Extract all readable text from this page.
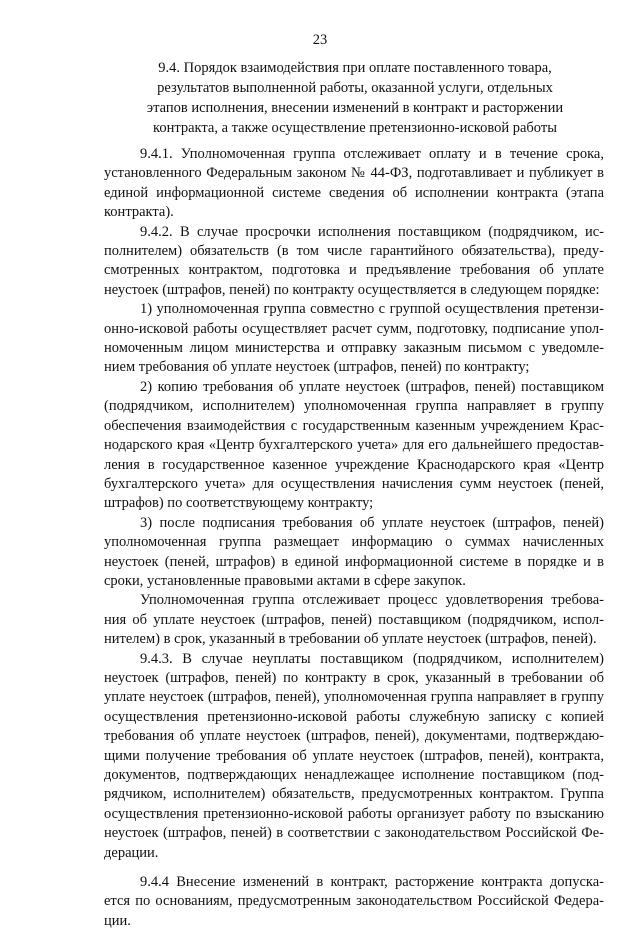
23
9.4. Порядок взаимодействия при оплате поставленного товара,
результатов выполненной работы, оказанной услуги, отдельных
этапов исполнения, внесении изменений в контракт и расторжении
контракта, а также осуществление претензионно-исковой работы

9.4.1. Уполномоченная группа отслеживает оплату и в течение срока,
установленного Федеральным законом № 44-ФЗ, подготавливает и публикует в
единой информационной системе сведения об исполнении контракта (этапа
контракта).

9.4.2. В случае просрочки исполнения поставщиком (подрядчиком, ис-
полнителем) обязательств (в том числе гарантийного обязательства), преду-
смотренных контрактом, подготовка и предъявление требования об уплате
неустоек (штрафов, пеней) по контракту осуществляется в следующем порядке:

1) уполномоченная группа совместно с группой осуществления претензи-
онно-исковой работы осуществляет расчет сумм, подготовку, подписание упол-
номоченным лицом министерства и отправку заказным письмом с уведомле-
нием требования об уплате неустоек (штрафов, пеней) по контракту;

2) копию требования об уплате неустоек (штрафов, пеней) поставщиком
(подрядчиком, исполнителем) уполномоченная группа направляет в группу
обеспечения взаимодействия с государственным казенным учреждением Крас-
нодарского края «Центр бухгалтерского учета» для его дальнейшего предостав-
ления в государственное казенное учреждение Краснодарского края «Центр
бухгалтерского учета» для осуществления начисления сумм неустоек (пеней,
штрафов) по соответствующему контракту;

3) после подписания требования об уплате неустоек (штрафов, пеней)
уполномоченная группа размещает информацию о суммах начисленных
неустоек (пеней, штрафов) в единой информационной системе в порядке и в
сроки, установленные правовыми актами в сфере закупок.

Уполномоченная группа отслеживает процесс удовлетворения требова-
ния об уплате неустоек (штрафов, пеней) поставщиком (подрядчиком, испол-
нителем) в срок, указанный в требовании об уплате неустоек (штрафов, пеней).

9.4.3. В случае неуплаты поставщиком (подрядчиком, исполнителем)
неустоек (штрафов, пеней) по контракту в срок, указанный в требовании об
уплате неустоек (штрафов, пеней), уполномоченная группа направляет в группу
осуществления претензионно-исковой работы служебную записку с копией
требования об уплате неустоек (штрафов, пеней), документами, подтверждаю-
щими получение требования об уплате неустоек (штрафов, пеней), контракта,
документов, подтверждающих ненадлежащее исполнение поставщиком (под-
рядчиком, исполнителем) обязательств, предусмотренных контрактом. Группа
осуществления претензионно-исковой работы организует работу по взысканию
неустоек (штрафов, пеней) в соответствии с законодательством Российской Фе-
дерации.

9.4.4 Внесение изменений в контракт, расторжение контракта допуска-
ется по основаниям, предусмотренным законодательством Российской Федера-
ции.
